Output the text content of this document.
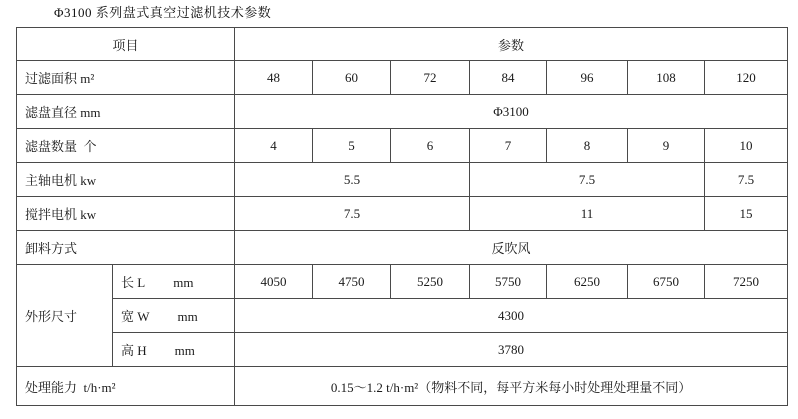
Φ3100 系列盘式真空过滤机技术参数
项目		参数						
过滤面积 m²		48	60	72	84	96	108	120
滤盘直径 mm		Φ3100						
滤盘数量  个		4	5	6	7	8	9	10
主轴电机 kw		5.5			7.5			7.5
搅拌电机 kw		7.5			11			15
卸料方式		反吹风						
外形尺寸	长 L mm	4050	4750	5250	5750	6250	6750	7250
	宽 W mm	4300						
	高 H mm	3780						
处理能力  t/h·m²		0.15～1.2 t/h·m²（物料不同，每平方米每小时处理处理量不同）						
